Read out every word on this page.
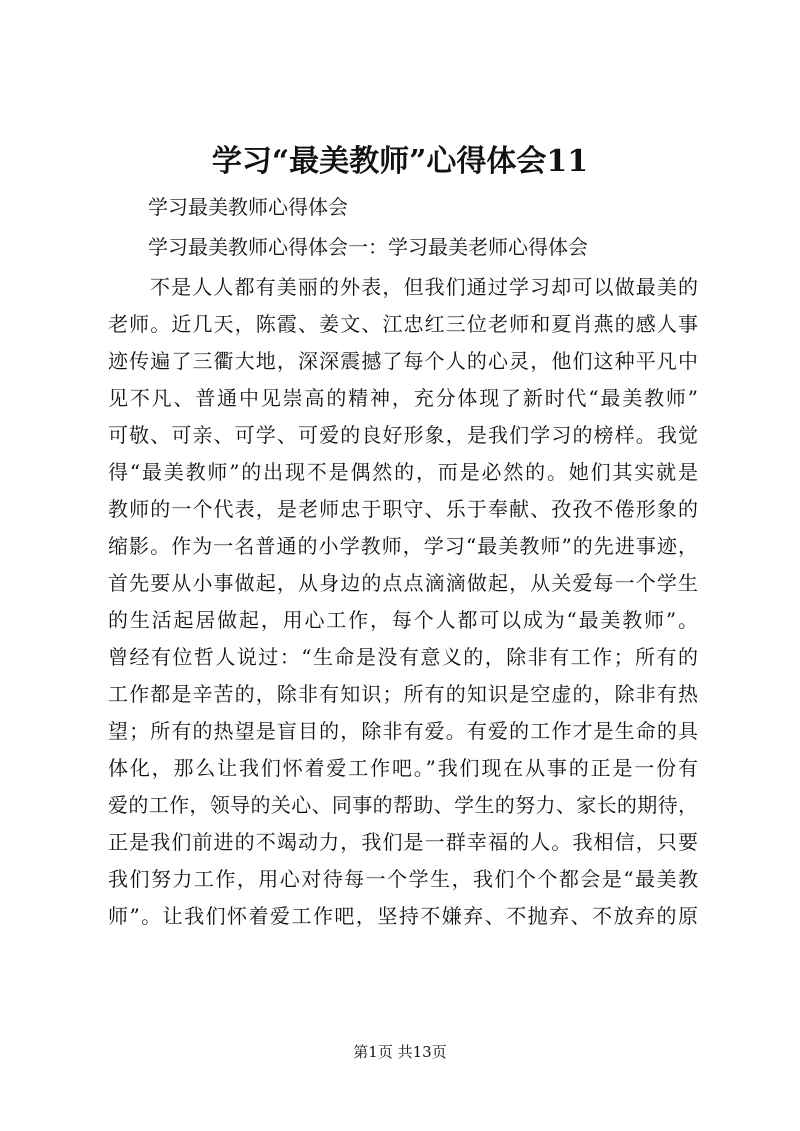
学习“最美教师”心得体会11
学习最美教师心得体会
学习最美教师心得体会一：学习最美老师心得体会
不是人人都有美丽的外表，但我们通过学习却可以做最美的
老师。近几天，陈霞、姜文、江忠红三位老师和夏肖燕的感人事
迹传遍了三衢大地，深深震撼了每个人的心灵，他们这种平凡中
见不凡、普通中见崇高的精神，充分体现了新时代“最美教师”
可敬、可亲、可学、可爱的良好形象，是我们学习的榜样。我觉
得“最美教师”的出现不是偶然的，而是必然的。她们其实就是
教师的一个代表，是老师忠于职守、乐于奉献、孜孜不倦形象的
缩影。作为一名普通的小学教师，学习“最美教师”的先进事迹，
首先要从小事做起，从身边的点点滴滴做起，从关爱每一个学生
的生活起居做起，用心工作，每个人都可以成为“最美教师”。
曾经有位哲人说过：“生命是没有意义的，除非有工作；所有的
工作都是辛苦的，除非有知识；所有的知识是空虚的，除非有热
望；所有的热望是盲目的，除非有爱。有爱的工作才是生命的具
体化，那么让我们怀着爱工作吧。”我们现在从事的正是一份有
爱的工作，领导的关心、同事的帮助、学生的努力、家长的期待，
正是我们前进的不竭动力，我们是一群幸福的人。我相信，只要
我们努力工作，用心对待每一个学生，我们个个都会是“最美教
师”。让我们怀着爱工作吧，坚持不嫌弃、不抛弃、不放弃的原
第1页 共13页
